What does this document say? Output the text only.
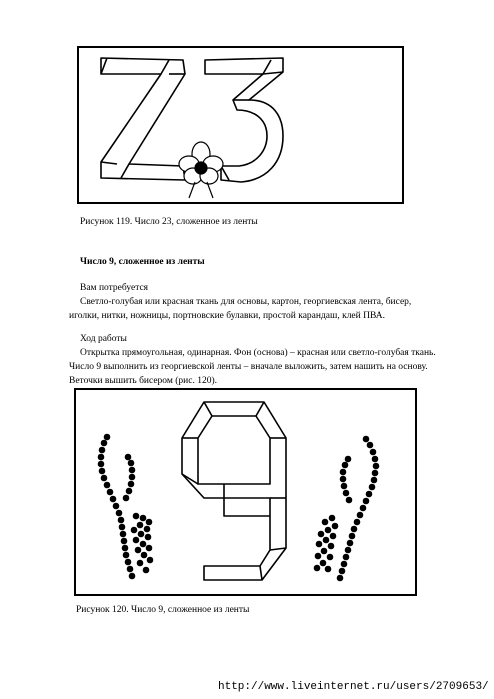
Рисунок 119. Число 23, сложенное из ленты
Число 9, сложенное из ленты
Вам потребуется
Светло-голубая или красная ткань для основы, картон, георгиевская лента, бисер,
иголки, нитки, ножницы, портновские булавки, простой карандаш, клей ПВА.
Ход работы
Открытка прямоугольная, одинарная. Фон (основа) – красная или светло-голубая ткань.
Число 9 выполнить из георгиевской ленты – вначале выложить, затем нашить на основу.
Веточки вышить бисером (рис. 120).
Рисунок 120. Число 9, сложенное из ленты
http://www.liveinternet.ru/users/2709653/
